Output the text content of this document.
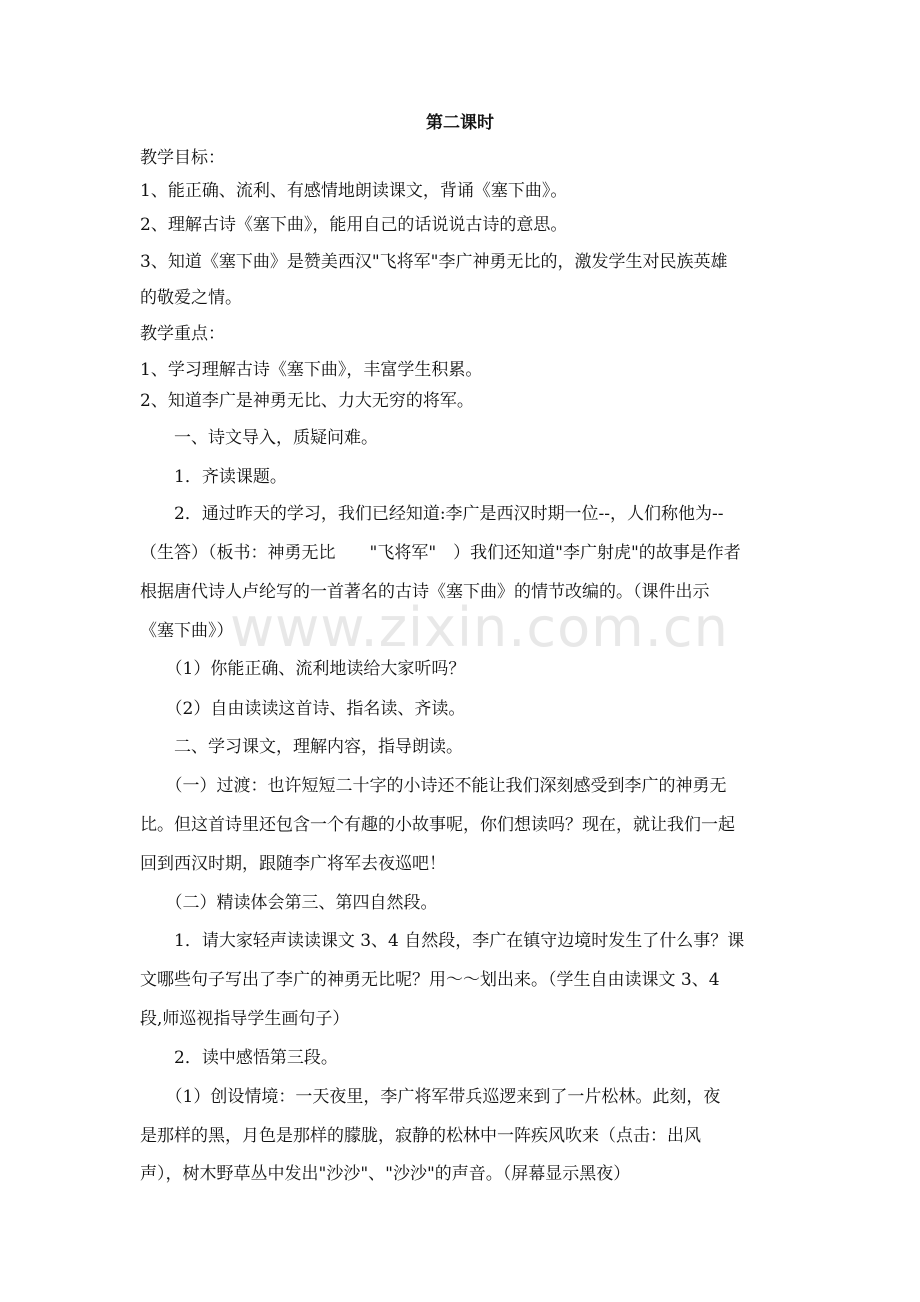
第二课时
教学目标：
1、能正确、流利、有感情地朗读课文，背诵《塞下曲》。
2、理解古诗《塞下曲》，能用自己的话说说古诗的意思。
3、知道《塞下曲》是赞美西汉"飞将军"李广神勇无比的，激发学生对民族英雄
的敬爱之情。
教学重点：
1、学习理解古诗《塞下曲》，丰富学生积累。
2、知道李广是神勇无比、力大无穷的将军。
　　一、诗文导入，质疑问难。
　　1．齐读课题。
　　2．通过昨天的学习，我们已经知道:李广是西汉时期一位--，人们称他为--
（生答）（板书：神勇无比　　"飞将军"　）我们还知道"李广射虎"的故事是作者
根据唐代诗人卢纶写的一首著名的古诗《塞下曲》的情节改编的。（课件出示
《塞下曲》）
　　（1）你能正确、流利地读给大家听吗？
　　（2）自由读读这首诗、指名读、齐读。
　　二、学习课文，理解内容，指导朗读。
　　（一）过渡：也许短短二十字的小诗还不能让我们深刻感受到李广的神勇无
比。但这首诗里还包含一个有趣的小故事呢，你们想读吗？现在，就让我们一起
回到西汉时期，跟随李广将军去夜巡吧！
　　（二）精读体会第三、第四自然段。
　　1．请大家轻声读读课文 3、4 自然段，李广在镇守边境时发生了什么事？课
文哪些句子写出了李广的神勇无比呢？用～～划出来。（学生自由读课文 3、4
段,师巡视指导学生画句子）
　　2．读中感悟第三段。
　　（1）创设情境：一天夜里，李广将军带兵巡逻来到了一片松林。此刻，夜
是那样的黑，月色是那样的朦胧，寂静的松林中一阵疾风吹来（点击：出风
声），树木野草丛中发出"沙沙"、"沙沙"的声音。（屏幕显示黑夜）
www.zixin.com.cn
